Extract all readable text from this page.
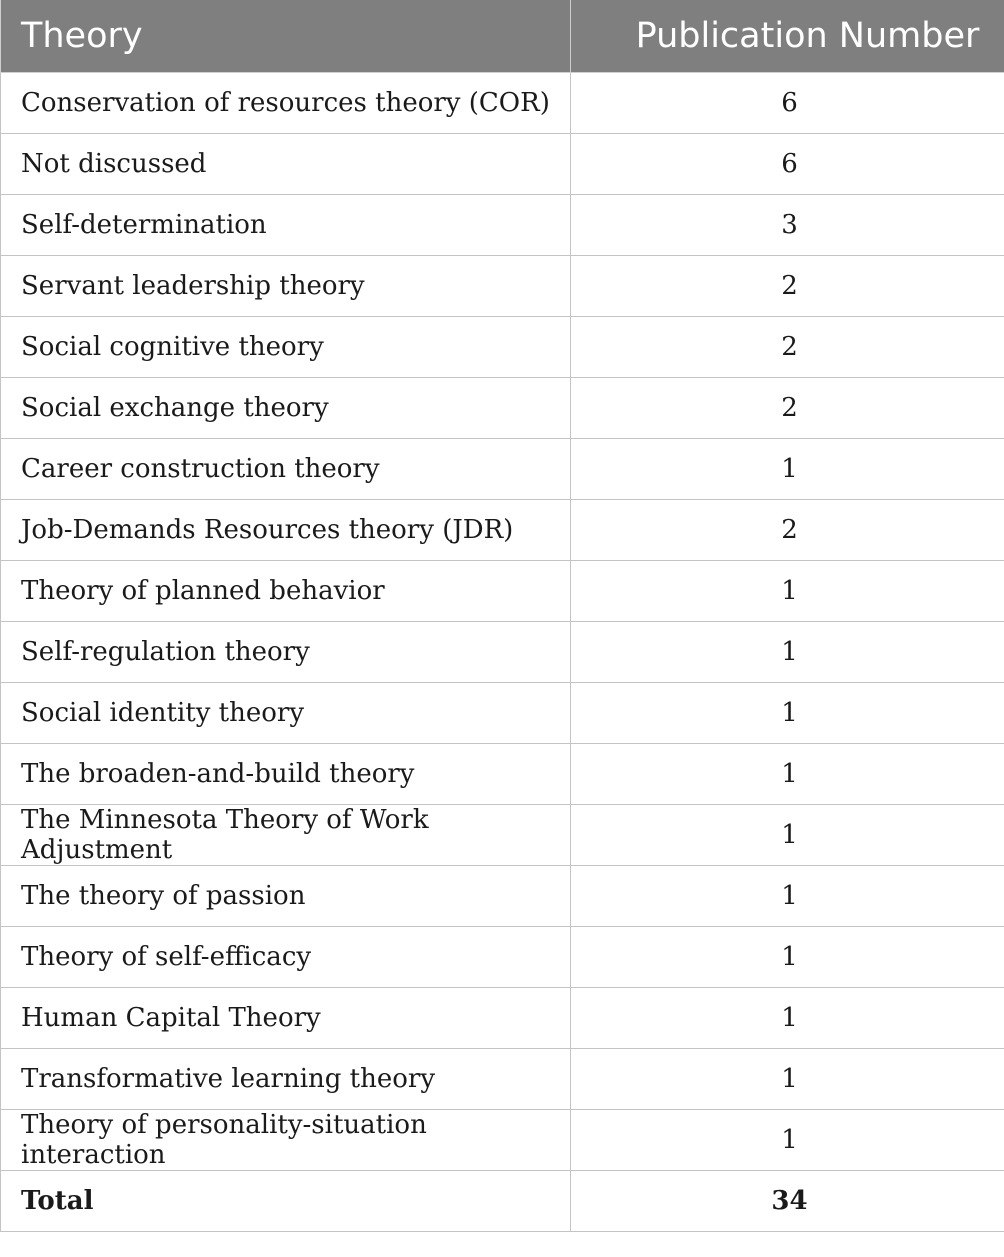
Theory	Publication Number
Conservation of resources theory (COR)	6
Not discussed	6
Self-determination	3
Servant leadership theory	2
Social cognitive theory	2
Social exchange theory	2
Career construction theory	1
Job-Demands Resources theory (JDR)	2
Theory of planned behavior	1
Self-regulation theory	1
Social identity theory	1
The broaden-and-build theory	1
The Minnesota Theory of Work Adjustment	1
The theory of passion	1
Theory of self-efficacy	1
Human Capital Theory	1
Transformative learning theory	1
Theory of personality-situation interaction	1
Total	34
